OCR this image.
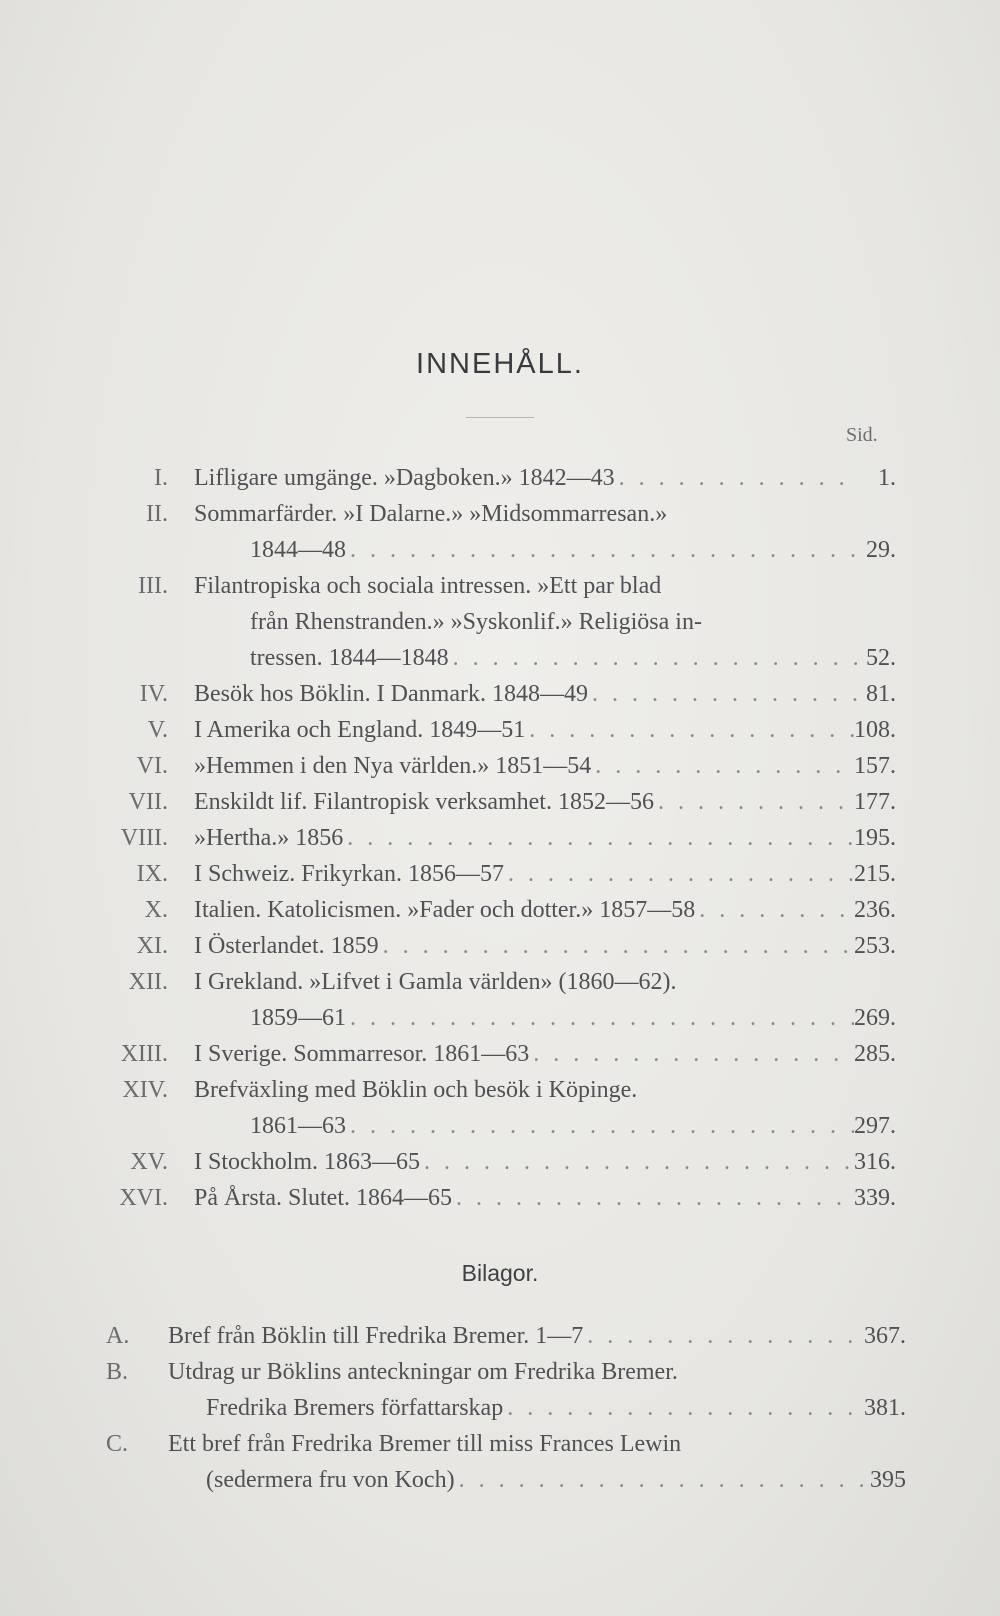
INNEHÅLL.
Sid.
I. Lifligare umgänge. »Dagboken.» 1842—43 . . .	1.
II. Sommarfärder. »I Dalarne.» »Midsommarresan.»
1844—48 . . .	29.
III. Filantropiska och sociala intressen. »Ett par blad
från Rhenstranden.» »Syskonlif.» Religiösa in-
tressen. 1844—1848 . . .	52.
IV. Besök hos Böklin. I Danmark. 1848—49 . . .	81.
V. I Amerika och England. 1849—51 . . .	108.
VI. »Hemmen i den Nya världen.» 1851—54 . . .	157.
VII. Enskildt lif. Filantropisk verksamhet. 1852—56 . . .	177.
VIII. »Hertha.» 1856 . . .	195.
IX. I Schweiz. Frikyrkan. 1856—57 . . .	215.
X. Italien. Katolicismen. »Fader och dotter.» 1857—58 . . .	236.
XI. I Österlandet. 1859 . . .	253.
XII. I Grekland. »Lifvet i Gamla världen» (1860—62).
1859—61 . . .	269.
XIII. I Sverige. Sommarresor. 1861—63 . . .	285.
XIV. Brefväxling med Böklin och besök i Köpinge.
1861—63 . . .	297.
XV. I Stockholm. 1863—65 . . .	316.
XVI. På Årsta. Slutet. 1864—65 . . .	339.
Bilagor.
A.	Bref från Böklin till Fredrika Bremer. 1—7 . . .	367.
B.	Utdrag ur Böklins anteckningar om Fredrika Bremer.
Fredrika Bremers författarskap . . .	381.
C.	Ett bref från Fredrika Bremer till miss Frances Lewin
(sedermera fru von Koch) . . .	395
